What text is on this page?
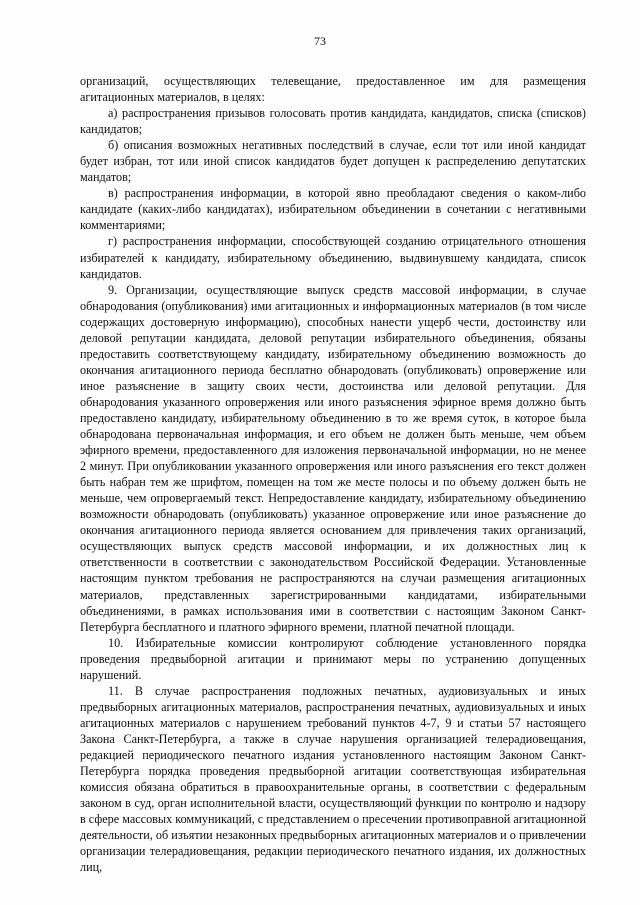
73

организаций, осуществляющих телевещание, предоставленное им для размещения агитационных материалов, в целях:

а) распространения призывов голосовать против кандидата, кандидатов, списка (списков) кандидатов;

б) описания возможных негативных последствий в случае, если тот или иной кандидат будет избран, тот или иной список кандидатов будет допущен к распределению депутатских мандатов;

в) распространения информации, в которой явно преобладают сведения о каком-либо кандидате (каких-либо кандидатах), избирательном объединении в сочетании с негативными комментариями;

г) распространения информации, способствующей созданию отрицательного отношения избирателей к кандидату, избирательному объединению, выдвинувшему кандидата, список кандидатов.

9. Организации, осуществляющие выпуск средств массовой информации, в случае обнародования (опубликования) ими агитационных и информационных материалов (в том числе содержащих достоверную информацию), способных нанести ущерб чести, достоинству или деловой репутации кандидата, деловой репутации избирательного объединения, обязаны предоставить соответствующему кандидату, избирательному объединению возможность до окончания агитационного периода бесплатно обнародовать (опубликовать) опровержение или иное разъяснение в защиту своих чести, достоинства или деловой репутации. Для обнародования указанного опровержения или иного разъяснения эфирное время должно быть предоставлено кандидату, избирательному объединению в то же время суток, в которое была обнародована первоначальная информация, и его объем не должен быть меньше, чем объем эфирного времени, предоставленного для изложения первоначальной информации, но не менее 2 минут. При опубликовании указанного опровержения или иного разъяснения его текст должен быть набран тем же шрифтом, помещен на том же месте полосы и по объему должен быть не меньше, чем опровергаемый текст. Непредоставление кандидату, избирательному объединению возможности обнародовать (опубликовать) указанное опровержение или иное разъяснение до окончания агитационного периода является основанием для привлечения таких организаций, осуществляющих выпуск средств массовой информации, и их должностных лиц к ответственности в соответствии с законодательством Российской Федерации. Установленные настоящим пунктом требования не распространяются на случаи размещения агитационных материалов, представленных зарегистрированными кандидатами, избирательными объединениями, в рамках использования ими в соответствии с настоящим Законом Санкт-Петербурга бесплатного и платного эфирного времени, платной печатной площади.

10. Избирательные комиссии контролируют соблюдение установленного порядка проведения предвыборной агитации и принимают меры по устранению допущенных нарушений.

11. В случае распространения подложных печатных, аудиовизуальных и иных предвыборных агитационных материалов, распространения печатных, аудиовизуальных и иных агитационных материалов с нарушением требований пунктов 4-7, 9 и статьи 57 настоящего Закона Санкт-Петербурга, а также в случае нарушения организацией телерадиовещания, редакцией периодического печатного издания установленного настоящим Законом Санкт-Петербурга порядка проведения предвыборной агитации соответствующая избирательная комиссия обязана обратиться в правоохранительные органы, в соответствии с федеральным законом в суд, орган исполнительной власти, осуществляющий функции по контролю и надзору в сфере массовых коммуникаций, с представлением о пресечении противоправной агитационной деятельности, об изъятии незаконных предвыборных агитационных материалов и о привлечении организации телерадиовещания, редакции периодического печатного издания, их должностных лиц,
